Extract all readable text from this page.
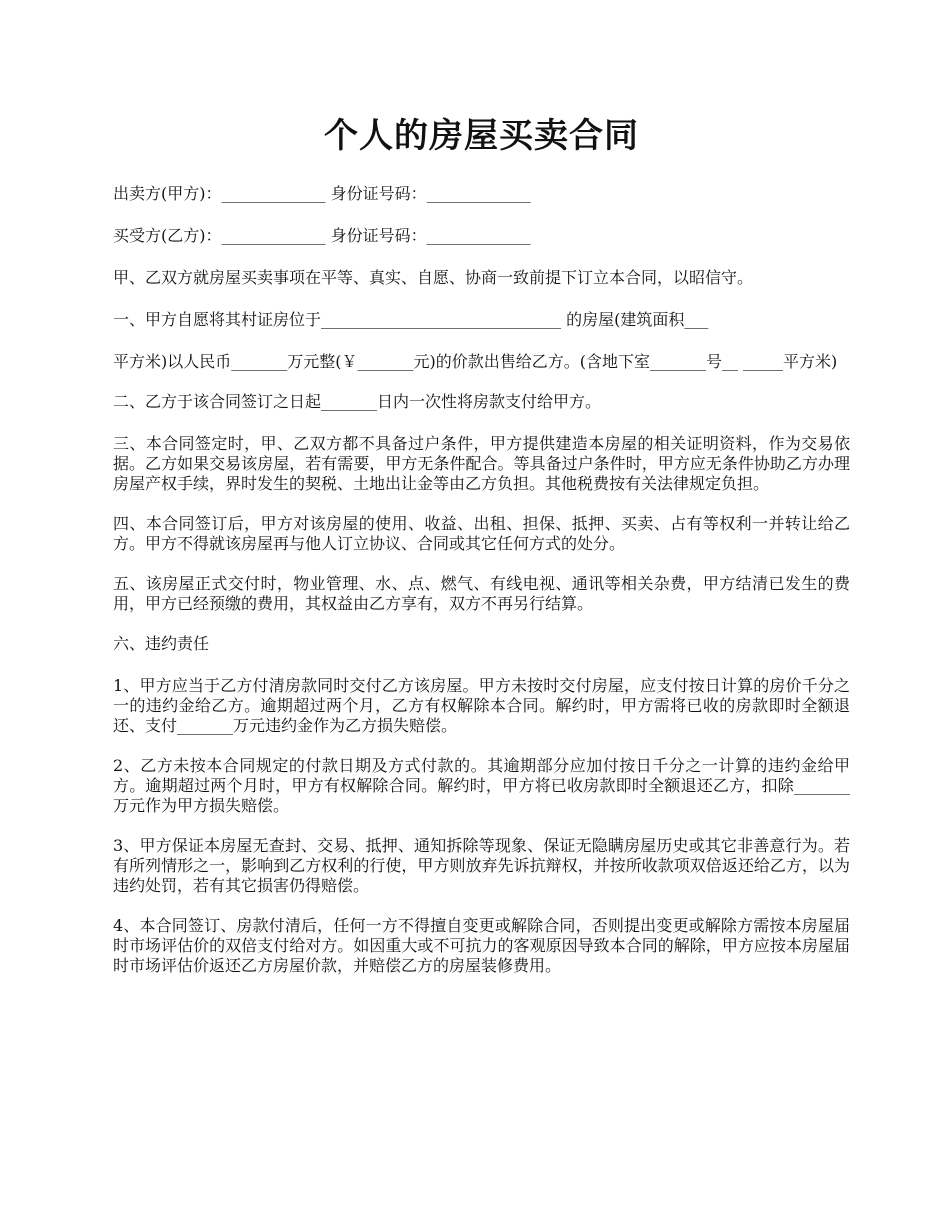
个人的房屋买卖合同

出卖方(甲方)：_____________ 身份证号码：_____________

买受方(乙方)：_____________ 身份证号码：_____________

甲、乙双方就房屋买卖事项在平等、真实、自愿、协商一致前提下订立本合同，以昭信守。

一、甲方自愿将其村证房位于______________________________ 的房屋(建筑面积___

平方米)以人民币_______万元整(￥_______元)的价款出售给乙方。(含地下室_______号__ _____平方米)

二、乙方于该合同签订之日起_______日内一次性将房款支付给甲方。

三、本合同签定时，甲、乙双方都不具备过户条件，甲方提供建造本房屋的相关证明资料，作为交易依据。乙方如果交易该房屋，若有需要，甲方无条件配合。等具备过户条件时，甲方应无条件协助乙方办理房屋产权手续，界时发生的契税、土地出让金等由乙方负担。其他税费按有关法律规定负担。

四、本合同签订后，甲方对该房屋的使用、收益、出租、担保、抵押、买卖、占有等权利一并转让给乙方。甲方不得就该房屋再与他人订立协议、合同或其它任何方式的处分。

五、该房屋正式交付时，物业管理、水、点、燃气、有线电视、通讯等相关杂费，甲方结清已发生的费用，甲方已经预缴的费用，其权益由乙方享有，双方不再另行结算。

六、违约责任

1、甲方应当于乙方付清房款同时交付乙方该房屋。甲方未按时交付房屋，应支付按日计算的房价千分之一的违约金给乙方。逾期超过两个月，乙方有权解除本合同。解约时，甲方需将已收的房款即时全额退还、支付_______万元违约金作为乙方损失赔偿。

2、乙方未按本合同规定的付款日期及方式付款的。其逾期部分应加付按日千分之一计算的违约金给甲方。逾期超过两个月时，甲方有权解除合同。解约时，甲方将已收房款即时全额退还乙方，扣除_______万元作为甲方损失赔偿。

3、甲方保证本房屋无查封、交易、抵押、通知拆除等现象、保证无隐瞒房屋历史或其它非善意行为。若有所列情形之一，影响到乙方权利的行使，甲方则放弃先诉抗辩权，并按所收款项双倍返还给乙方，以为违约处罚，若有其它损害仍得赔偿。

4、本合同签订、房款付清后，任何一方不得擅自变更或解除合同，否则提出变更或解除方需按本房屋届时市场评估价的双倍支付给对方。如因重大或不可抗力的客观原因导致本合同的解除，甲方应按本房屋届时市场评估价返还乙方房屋价款，并赔偿乙方的房屋装修费用。
